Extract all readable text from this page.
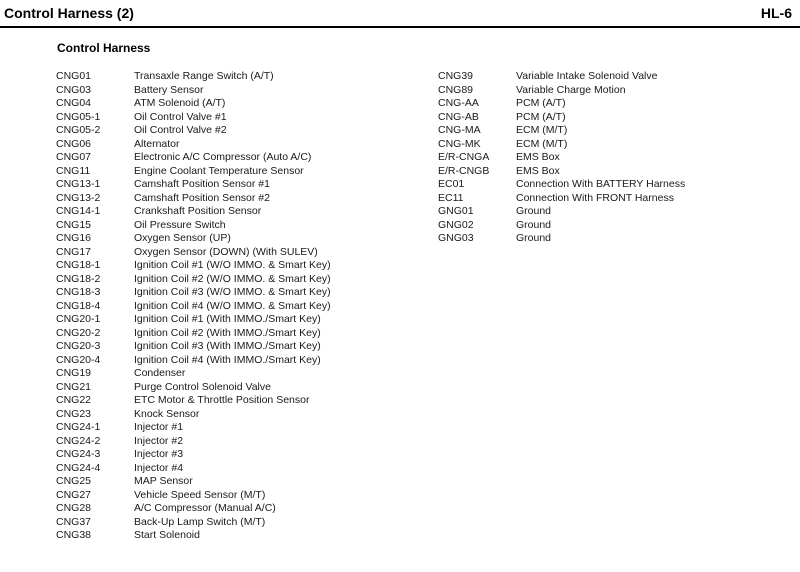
Control Harness (2)	HL-6
Control Harness
CNG01	Transaxle Range Switch (A/T)
CNG03	Battery Sensor
CNG04	ATM Solenoid (A/T)
CNG05-1	Oil Control Valve #1
CNG05-2	Oil Control Valve #2
CNG06	Alternator
CNG07	Electronic A/C Compressor (Auto A/C)
CNG11	Engine Coolant Temperature Sensor
CNG13-1	Camshaft Position Sensor #1
CNG13-2	Camshaft Position Sensor #2
CNG14-1	Crankshaft Position Sensor
CNG15	Oil Pressure Switch
CNG16	Oxygen Sensor (UP)
CNG17	Oxygen Sensor (DOWN) (With SULEV)
CNG18-1	Ignition Coil #1 (W/O IMMO. & Smart Key)
CNG18-2	Ignition Coil #2 (W/O IMMO. & Smart Key)
CNG18-3	Ignition Coil #3 (W/O IMMO. & Smart Key)
CNG18-4	Ignition Coil #4 (W/O IMMO. & Smart Key)
CNG20-1	Ignition Coil #1 (With IMMO./Smart Key)
CNG20-2	Ignition Coil #2 (With IMMO./Smart Key)
CNG20-3	Ignition Coil #3 (With IMMO./Smart Key)
CNG20-4	Ignition Coil #4 (With IMMO./Smart Key)
CNG19	Condenser
CNG21	Purge Control Solenoid Valve
CNG22	ETC Motor & Throttle Position Sensor
CNG23	Knock Sensor
CNG24-1	Injector #1
CNG24-2	Injector #2
CNG24-3	Injector #3
CNG24-4	Injector #4
CNG25	MAP Sensor
CNG27	Vehicle Speed Sensor (M/T)
CNG28	A/C Compressor (Manual A/C)
CNG37	Back-Up Lamp Switch (M/T)
CNG38	Start Solenoid
CNG39	Variable Intake Solenoid Valve
CNG89	Variable Charge Motion
CNG-AA	PCM (A/T)
CNG-AB	PCM (A/T)
CNG-MA	ECM (M/T)
CNG-MK	ECM (M/T)
E/R-CNGA	EMS Box
E/R-CNGB	EMS Box
EC01	Connection With BATTERY Harness
EC11	Connection With FRONT Harness
GNG01	Ground
GNG02	Ground
GNG03	Ground
